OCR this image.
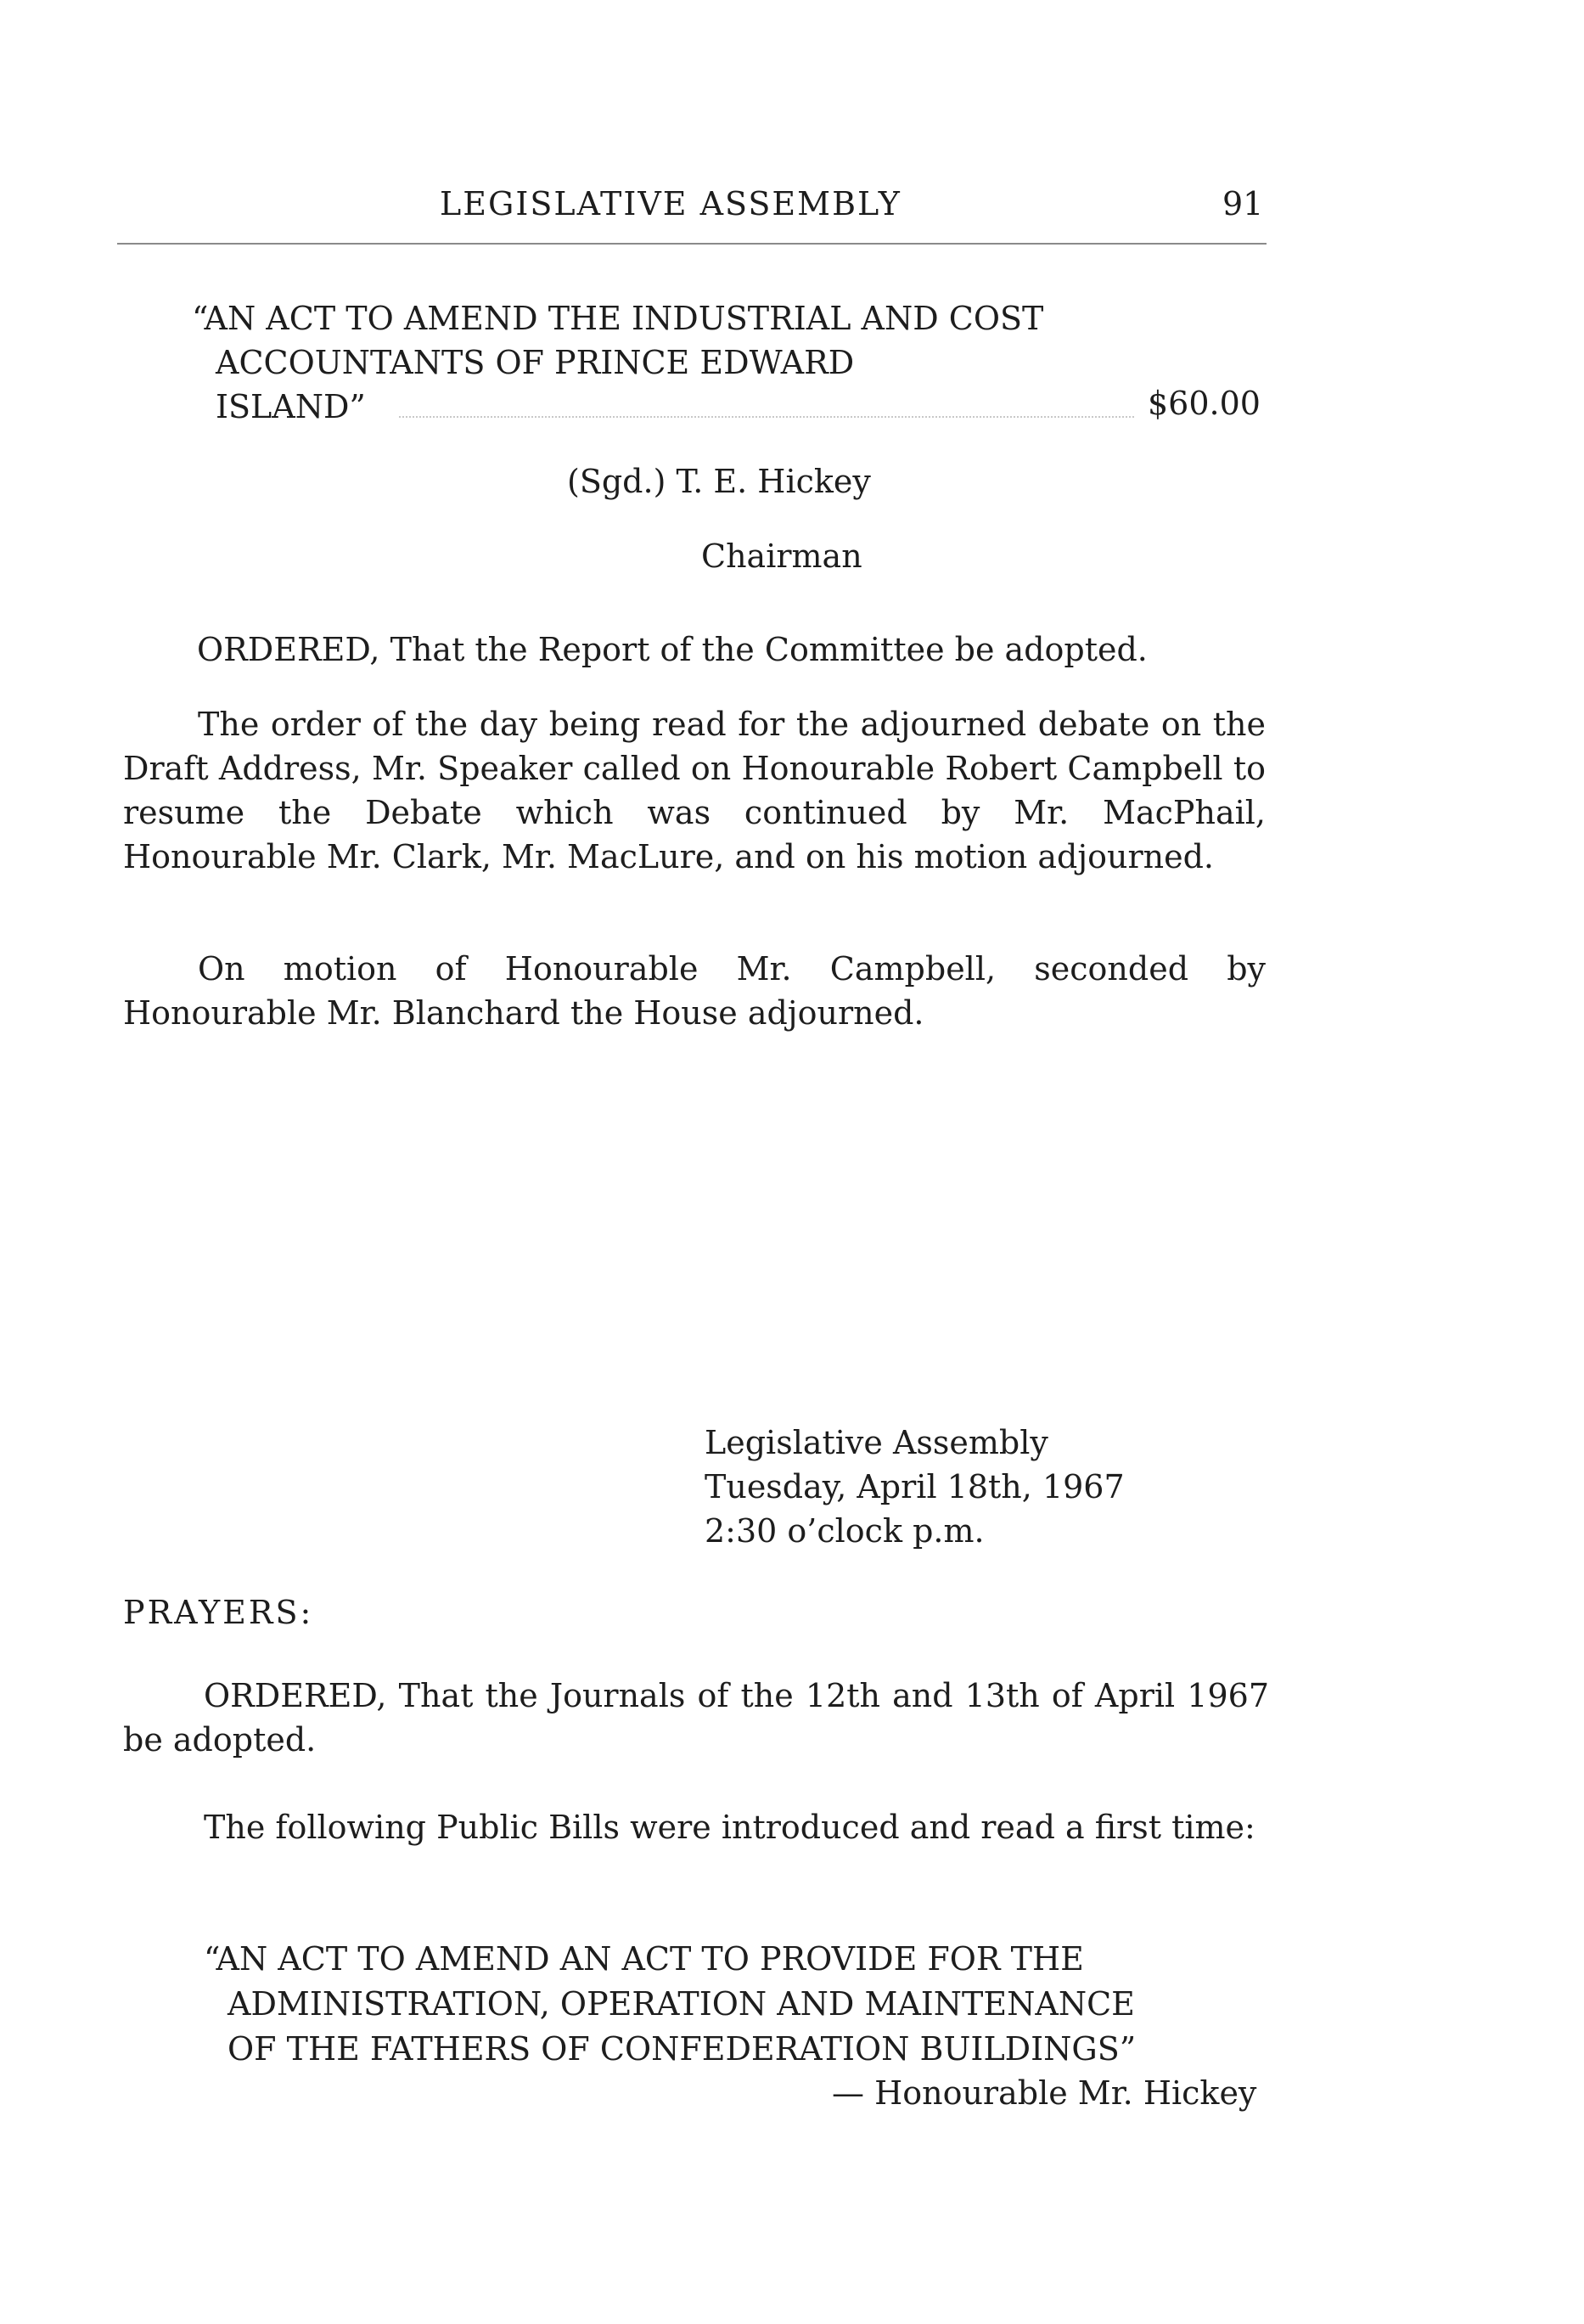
LEGISLATIVE ASSEMBLY	91
“AN ACT TO AMEND THE INDUSTRIAL AND COST
ACCOUNTANTS OF PRINCE EDWARD
ISLAND”	$60.00
(Sgd.) T. E. Hickey
Chairman
ORDERED, That the Report of the Committee be adopted.
The order of the day being read for the adjourned debate on the Draft Address, Mr. Speaker called on Honourable Robert Campbell to resume the Debate which was continued by Mr. MacPhail, Honourable Mr. Clark, Mr. MacLure, and on his motion adjourned.
On motion of Honourable Mr. Campbell, seconded by Honourable Mr. Blanchard the House adjourned.
Legislative Assembly
Tuesday, April 18th, 1967
2:30 o’clock p.m.
PRAYERS:
ORDERED, That the Journals of the 12th and 13th of April 1967 be adopted.
The following Public Bills were introduced and read a first time:
“AN ACT TO AMEND AN ACT TO PROVIDE FOR THE
ADMINISTRATION, OPERATION AND MAINTENANCE
OF THE FATHERS OF CONFEDERATION BUILDINGS”
— Honourable Mr. Hickey
